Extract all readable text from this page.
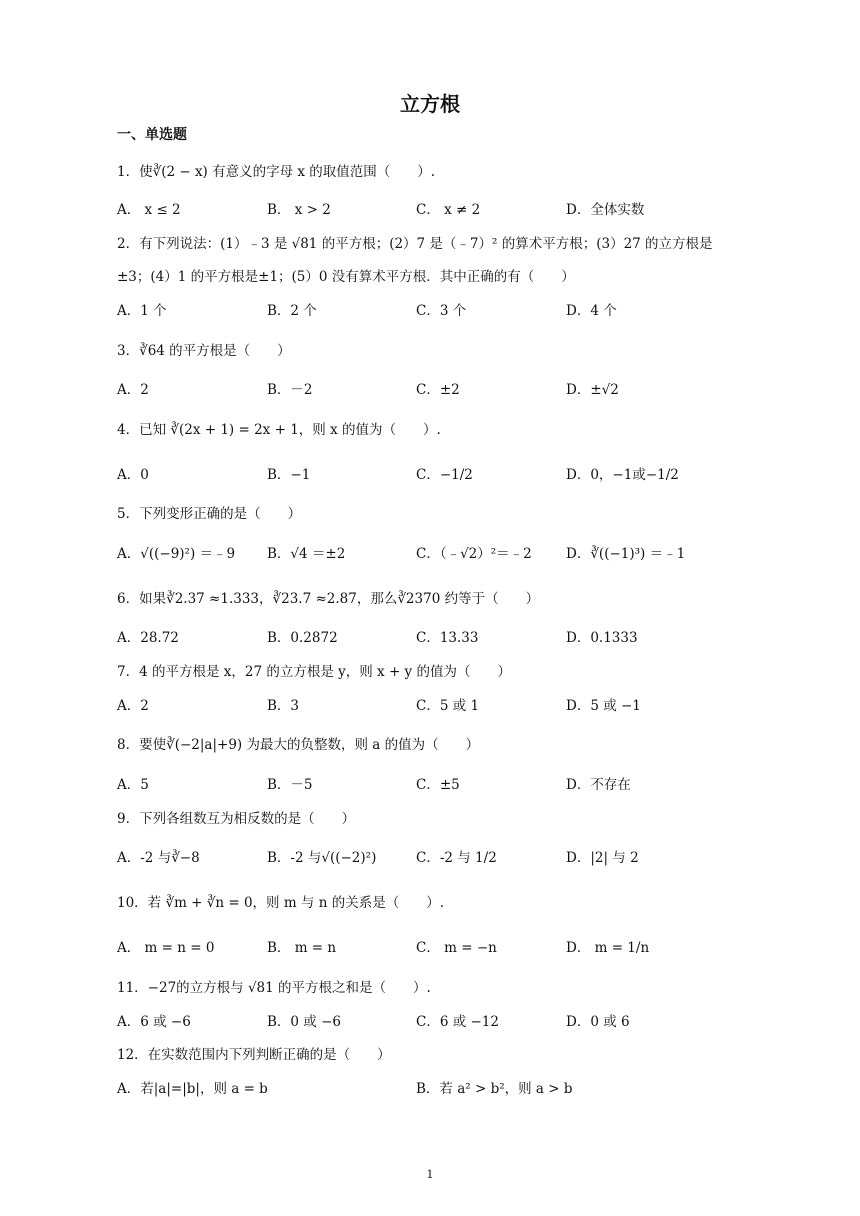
立方根
一、单选题
1．使∛(2 − x) 有意义的字母 x 的取值范围（　　）.
A． x ≤ 2	B． x > 2	C． x ≠ 2	D．全体实数
2．有下列说法：(1）﹣3 是 √81 的平方根；(2）7 是（﹣7）² 的算术平方根；(3）27 的立方根是
±3；(4）1 的平方根是±1；(5）0 没有算术平方根．其中正确的有（　　）
A．1 个	B．2 个	C．3 个	D．4 个
3．∛64 的平方根是（　　）
A．2	B．－2	C．±2	D．±√2
4．已知 ∛(2x + 1) = 2x + 1，则 x 的值为（　　）.
A．0	B．−1	C．−1/2	D．0，−1或−1/2
5．下列变形正确的是（　　）
A．√((−9)²) ＝﹣9 B．√4 ＝±2	C．（﹣√2）²＝﹣2	D．∛((−1)³) ＝﹣1
6．如果∛2.37 ≈1.333，∛23.7 ≈2.87，那么∛2370 约等于（　　）
A．28.72	B．0.2872	C．13.33	D．0.1333
7．4 的平方根是 x，27 的立方根是 y，则 x + y 的值为（　　）
A．2	B．3	C．5 或 1	D．5 或 −1
8．要使∛(−2|a|+9) 为最大的负整数，则 a 的值为（　　）
A．5	B．－5	C．±5	D．不存在
9．下列各组数互为相反数的是（　　）
A．-2 与∛−8	B．-2 与√((−2)²)	C．-2 与 1/2	D．|2| 与 2
10．若 ∛m + ∛n = 0，则 m 与 n 的关系是（　　）.
A． m = n = 0	B． m = n	C． m = −n	D． m = 1/n
11．−27的立方根与 √81 的平方根之和是（　　）.
A．6 或 −6	B．0 或 −6	C．6 或 −12	D．0 或 6
12．在实数范围内下列判断正确的是（　　）
A．若|a|=|b|，则 a = b	B．若 a² > b²，则 a > b
1
